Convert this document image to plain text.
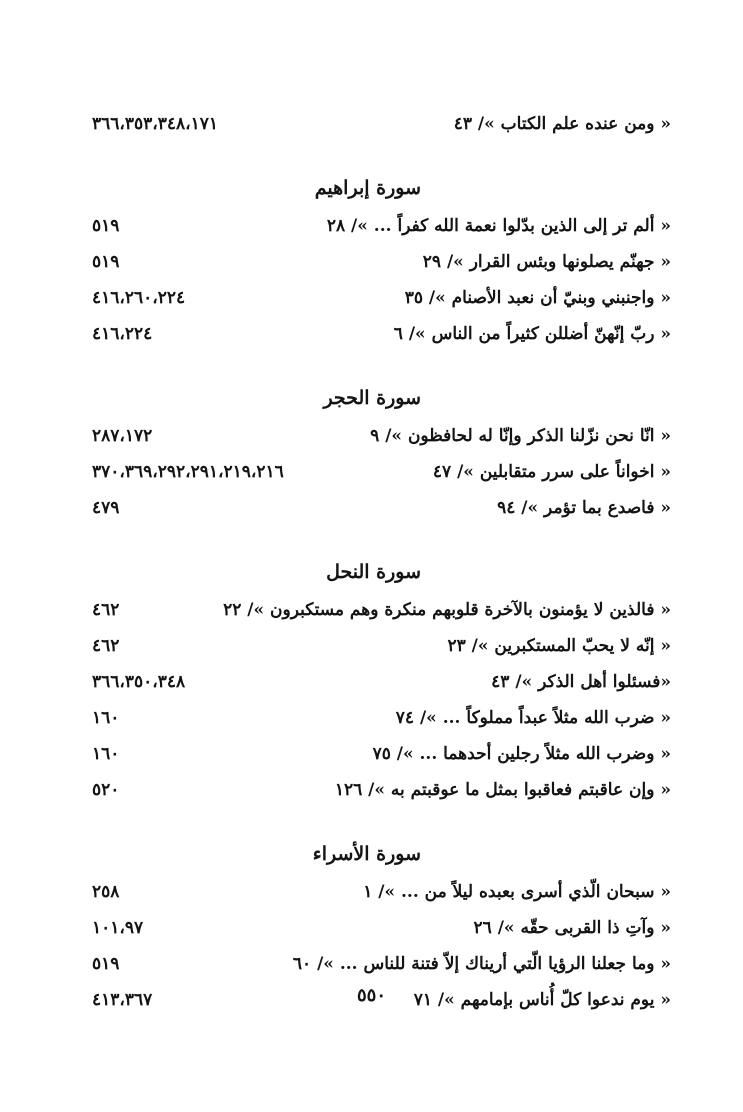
« ومن عنده علم الكتاب »/ ٤٣
٣٦٦،٣٥٣،٣٤٨،١٧١
سورة إبراهيم
« ألم تر إلى الذين بدّلوا نعمة الله كفراً ... »/ ٢٨
٥١٩
« جهنّم يصلونها وبئس القرار »/ ٢٩
٥١٩
« واجنبني وبنيّ أن نعبد الأصنام »/ ٣٥
٤١٦،٢٦٠،٢٢٤
« ربّ إنّهنّ أضللن كثيراً من الناس »/ ٦
٤١٦،٢٢٤
سورة الحجر
« انّا نحن نزّلنا الذكر وإنّا له لحافظون »/ ٩
٢٨٧،١٧٢
« اخواناً على سرر متقابلين »/ ٤٧
٣٧٠،٣٦٩،٢٩٢،٢٩١،٢١٩،٢١٦
« فاصدع بما تؤمر »/ ٩٤
٤٧٩
سورة النحل
« فالذين لا يؤمنون بالآخرة قلوبهم منكرة وهم مستكبرون »/ ٢٢
٤٦٢
« إنّه لا يحبّ المستكبرين »/ ٢٣
٤٦٢
«فسئلوا أهل الذكر »/ ٤٣
٣٦٦،٣٥٠،٣٤٨
« ضرب الله مثلاً عبداً مملوكاً ... »/ ٧٤
١٦٠
« وضرب الله مثلاً رجلين أحدهما ... »/ ٧٥
١٦٠
« وإن عاقبتم فعاقبوا بمثل ما عوقبتم به »/ ١٢٦
٥٢٠
سورة الأسراء
« سبحان الّذي أسرى بعبده ليلاً من ... »/ ١
٢٥٨
« وآتِ ذا القربى حقّه »/ ٢٦
١٠١،٩٧
« وما جعلنا الرؤيا الّتي أريناك إلاّ فتنة للناس ... »/ ٦٠
٥١٩
« يوم ندعوا كلّ أُناس بإمامهم »/ ٧١
٤١٣،٣٦٧	٥٥٠
